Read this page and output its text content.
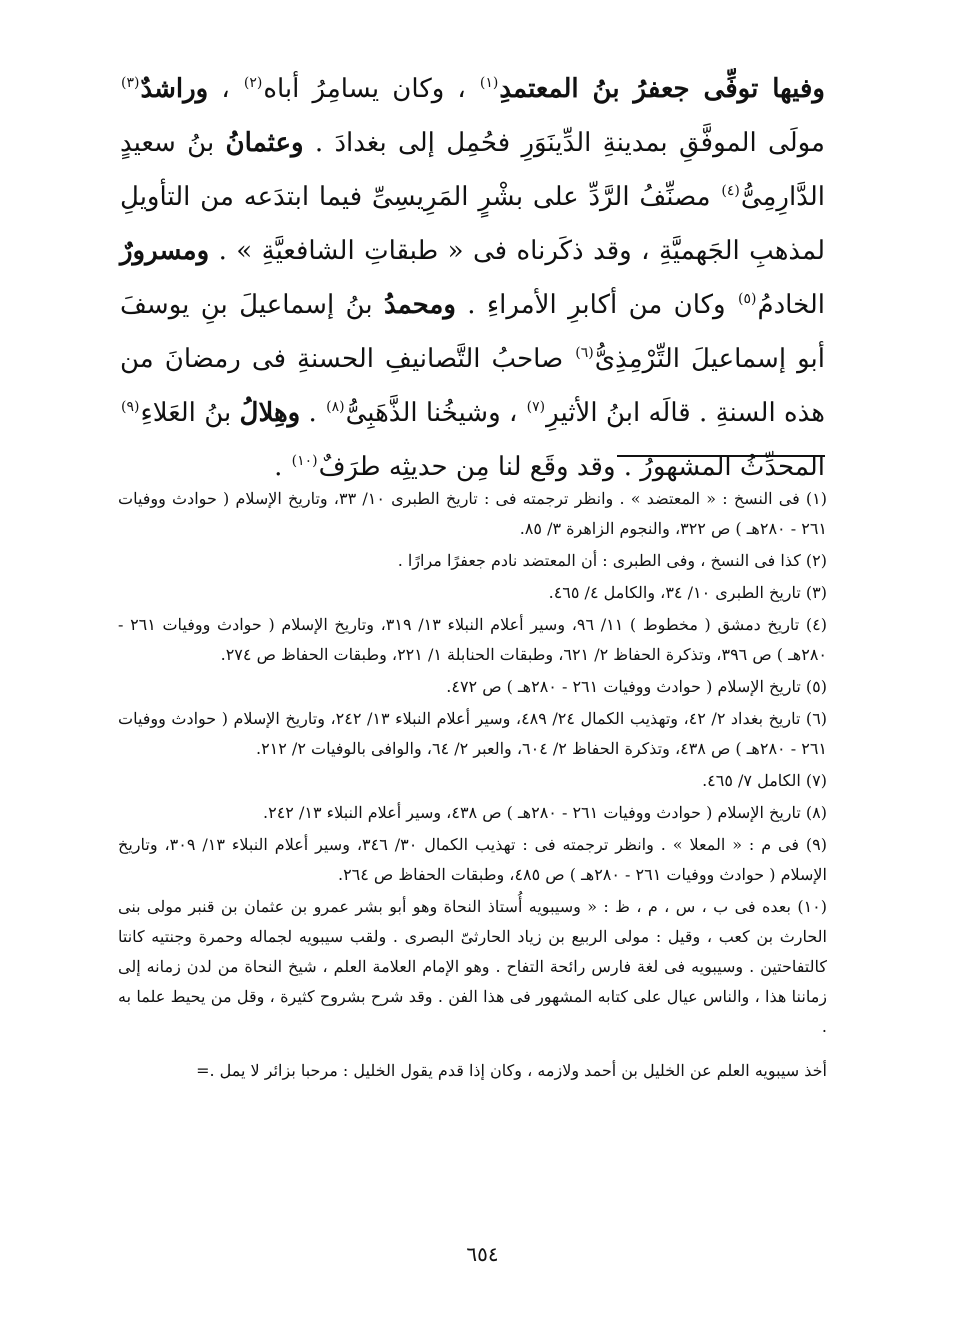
وفيها توفِّى جعفرُ بنُ المعتمدِ$^{(١)}$ ، وكان يسامِرُ أباه$^{(٢)}$ ، وراشدٌ$^{(٣)}$ مولَى الموفَّقِ بمدينةِ الدِّينَوَرِ فحُمِل إلى بغدادَ . وعثمانُ بنُ سعيدٍ الدَّارِمِىُّ$^{(٤)}$ مصنِّفُ الرَّدِّ على بشْرٍ المَرِيسِىِّ فيما ابتدَعه من التأويلِ لمذهبِ الجَهميَّةِ ، وقد ذكَرناه فى « طبقاتِ الشافعيَّةِ » . ومسرورٌ الخادمُ$^{(٥)}$ وكان من أكابرِ الأمراءِ . ومحمدُ بنُ إسماعيلَ بنِ يوسفَ أبو إسماعيلَ التِّرْمِذِىُّ$^{(٦)}$ صاحبُ التَّصانيفِ الحسنةِ فى رمضانَ من هذه السنةِ . قالَه ابنُ الأثيرِ$^{(٧)}$ ، وشيخُنا الذَّهَبِىُّ$^{(٨)}$ . وهِلالُ بنُ العَلاءِ$^{(٩)}$ المحدِّثُ المشهورُ . وقد وقَع لنا مِن حديثِه طرَفٌ$^{(١٠)}$ .
(١) فى النسخ : « المعتضد » . وانظر ترجمته فى : تاريخ الطبرى ١٠/ ٣٣، وتاريخ الإسلام ( حوادث ووفيات ٢٦١ - ٢٨٠هـ ) ص ٣٢٢، والنجوم الزاهرة ٣/ ٨٥.
(٢) كذا فى النسخ ، وفى الطبرى : أن المعتضد نادم جعفرًا مرارًا .
(٣) تاريخ الطبرى ١٠/ ٣٤، والكامل ٤/ ٤٦٥.
(٤) تاريخ دمشق ( مخطوط ) ١١/ ٩٦، وسير أعلام النبلاء ١٣/ ٣١٩، وتاريخ الإسلام ( حوادث ووفيات ٢٦١ - ٢٨٠هـ ) ص ٣٩٦، وتذكرة الحفاظ ٢/ ٦٢١، وطبقات الحنابلة ١/ ٢٢١، وطبقات الحفاظ ص ٢٧٤.
(٥) تاريخ الإسلام ( حوادث ووفيات ٢٦١ - ٢٨٠هـ ) ص ٤٧٢.
(٦) تاريخ بغداد ٢/ ٤٢، وتهذيب الكمال ٢٤/ ٤٨٩، وسير أعلام النبلاء ١٣/ ٢٤٢، وتاريخ الإسلام ( حوادث ووفيات ٢٦١ - ٢٨٠هـ ) ص ٤٣٨، وتذكرة الحفاظ ٢/ ٦٠٤، والعبر ٢/ ٦٤، والوافى بالوفيات ٢/ ٢١٢.
(٧) الكامل ٧/ ٤٦٥.
(٨) تاريخ الإسلام ( حوادث ووفيات ٢٦١ - ٢٨٠هـ ) ص ٤٣٨، وسير أعلام النبلاء ١٣/ ٢٤٢.
(٩) فى م : « المعلا » . وانظر ترجمته فى : تهذيب الكمال ٣٠/ ٣٤٦، وسير أعلام النبلاء ١٣/ ٣٠٩، وتاريخ الإسلام ( حوادث ووفيات ٢٦١ - ٢٨٠هـ ) ص ٤٨٥، وطبقات الحفاظ ص ٢٦٤.
(١٠) بعده فى ب ، س ، م ، ظ : « وسيبويه أُستاذ النحاة وهو أبو بشر عمرو بن عثمان بن قنبر مولى بنى الحارث بن كعب ، وقيل : مولى الربيع بن زياد الحارثىّ البصرى . ولقب سيبويه لجماله وحمرة وجنتيه كانتا كالتفاحتين . وسيبويه فى لغة فارس رائحة التفاح . وهو الإمام العلامة العلم ، شيخ النحاة من لدن زمانه إلى زماننا هذا ، والناس عيال على كتابه المشهور فى هذا الفن . وقد شرح بشروح كثيرة ، وقل من يحيط علما به .
أخذ سيبويه العلم عن الخليل بن أحمد ولازمه ، وكان إذا قدم يقول الخليل : مرحبا بزائر لا يمل .=
٦٥٤
